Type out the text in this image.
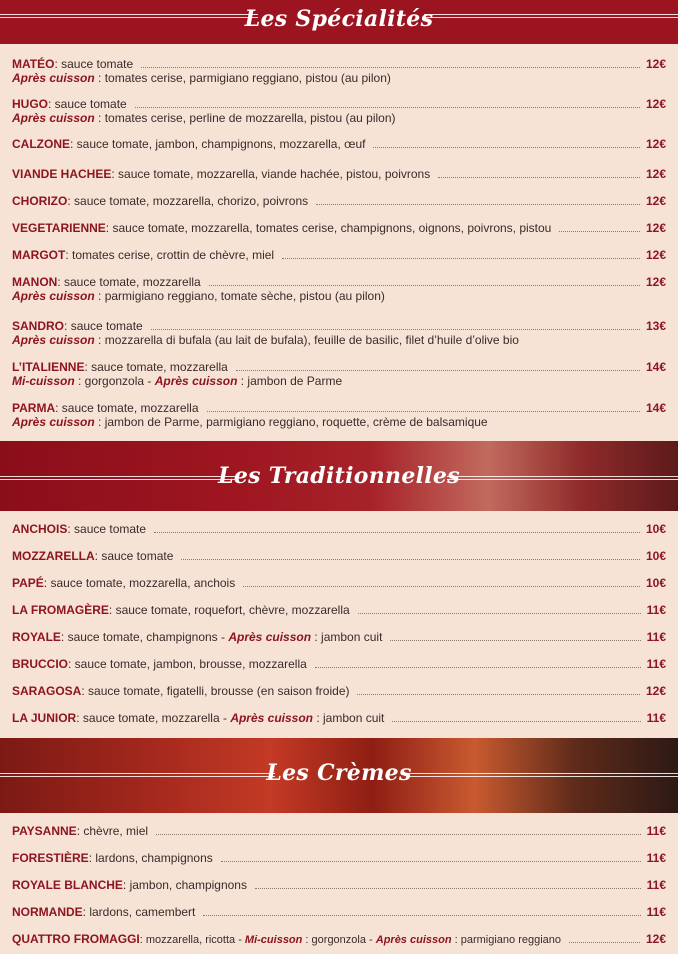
Les Spécialités
MATÉO : sauce tomate	12€
Après cuisson : tomates cerise, parmigiano reggiano, pistou (au pilon)
HUGO : sauce tomate	12€
Après cuisson : tomates cerise, perline de mozzarella, pistou (au pilon)
CALZONE : sauce tomate, jambon, champignons, mozzarella, œuf	12€
VIANDE HACHEE : sauce tomate, mozzarella, viande hachée, pistou, poivrons	12€
CHORIZO : sauce tomate, mozzarella, chorizo, poivrons	12€
VEGETARIENNE : sauce tomate, mozzarella, tomates cerise, champignons, oignons, poivrons, pistou	12€
MARGOT : tomates cerise, crottin de chèvre, miel	12€
MANON : sauce tomate, mozzarella	12€
Après cuisson : parmigiano reggiano, tomate sèche, pistou (au pilon)
SANDRO : sauce tomate	13€
Après cuisson : mozzarella di bufala (au lait de bufala), feuille de basilic, filet d’huile d’olive bio
L’ITALIENNE : sauce tomate, mozzarella	14€
Mi-cuisson : gorgonzola - Après cuisson : jambon de Parme
PARMA : sauce tomate, mozzarella	14€
Après cuisson : jambon de Parme, parmigiano reggiano, roquette, crème de balsamique
Les Traditionnelles
ANCHOIS : sauce tomate	10€
MOZZARELLA : sauce tomate	10€
PAPÉ : sauce tomate, mozzarella, anchois	10€
LA FROMAGÈRE : sauce tomate, roquefort, chèvre, mozzarella	11€
ROYALE : sauce tomate, champignons - Après cuisson : jambon cuit	11€
BRUCCIO : sauce tomate, jambon, brousse, mozzarella	11€
SARAGOSA : sauce tomate, figatelli, brousse (en saison froide)	12€
LA JUNIOR : sauce tomate, mozzarella - Après cuisson : jambon cuit	11€
Les Crèmes
PAYSANNE : chèvre, miel	11€
FORESTIÈRE : lardons, champignons	11€
ROYALE BLANCHE : jambon, champignons	11€
NORMANDE : lardons, camembert	11€
QUATTRO FROMAGGI : mozzarella, ricotta - Mi-cuisson : gorgonzola - Après cuisson : parmigiano reggiano	12€
